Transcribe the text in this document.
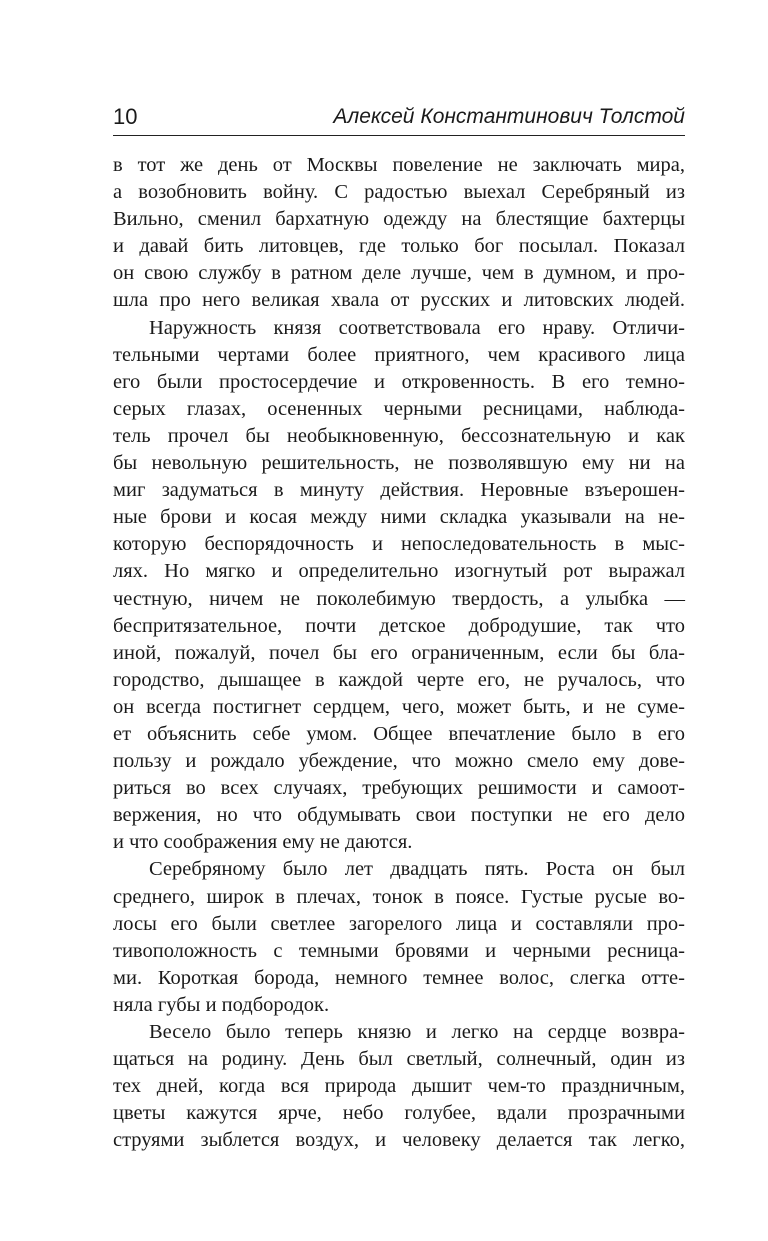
10	Алексей Константинович Толстой
в тот же день от Москвы повеление не заключать мира,
а возобновить войну. С радостью выехал Серебряный из
Вильно, сменил бархатную одежду на блестящие бахтерцы
и давай бить литовцев, где только бог посылал. Показал
он свою службу в ратном деле лучше, чем в думном, и про-
шла про него великая хвала от русских и литовских людей.
Наружность князя соответствовала его нраву. Отличи-
тельными чертами более приятного, чем красивого лица
его были простосердечие и откровенность. В его темно-
серых глазах, осененных черными ресницами, наблюда-
тель прочел бы необыкновенную, бессознательную и как
бы невольную решительность, не позволявшую ему ни на
миг задуматься в минуту действия. Неровные взъерошен-
ные брови и косая между ними складка указывали на не-
которую беспорядочность и непоследовательность в мыс-
лях. Но мягко и определительно изогнутый рот выражал
честную, ничем не поколебимую твердость, а улыбка —
беспритязательное, почти детское добродушие, так что
иной, пожалуй, почел бы его ограниченным, если бы бла-
городство, дышащее в каждой черте его, не ручалось, что
он всегда постигнет сердцем, чего, может быть, и не суме-
ет объяснить себе умом. Общее впечатление было в его
пользу и рождало убеждение, что можно смело ему дове-
риться во всех случаях, требующих решимости и самоот-
вержения, но что обдумывать свои поступки не его дело
и что соображения ему не даются.
Серебряному было лет двадцать пять. Роста он был
среднего, широк в плечах, тонок в поясе. Густые русые во-
лосы его были светлее загорелого лица и составляли про-
тивоположность с темными бровями и черными ресница-
ми. Короткая борода, немного темнее волос, слегка отте-
няла губы и подбородок.
Весело было теперь князю и легко на сердце возвра-
щаться на родину. День был светлый, солнечный, один из
тех дней, когда вся природа дышит чем-то праздничным,
цветы кажутся ярче, небо голубее, вдали прозрачными
струями зыблется воздух, и человеку делается так легко,
